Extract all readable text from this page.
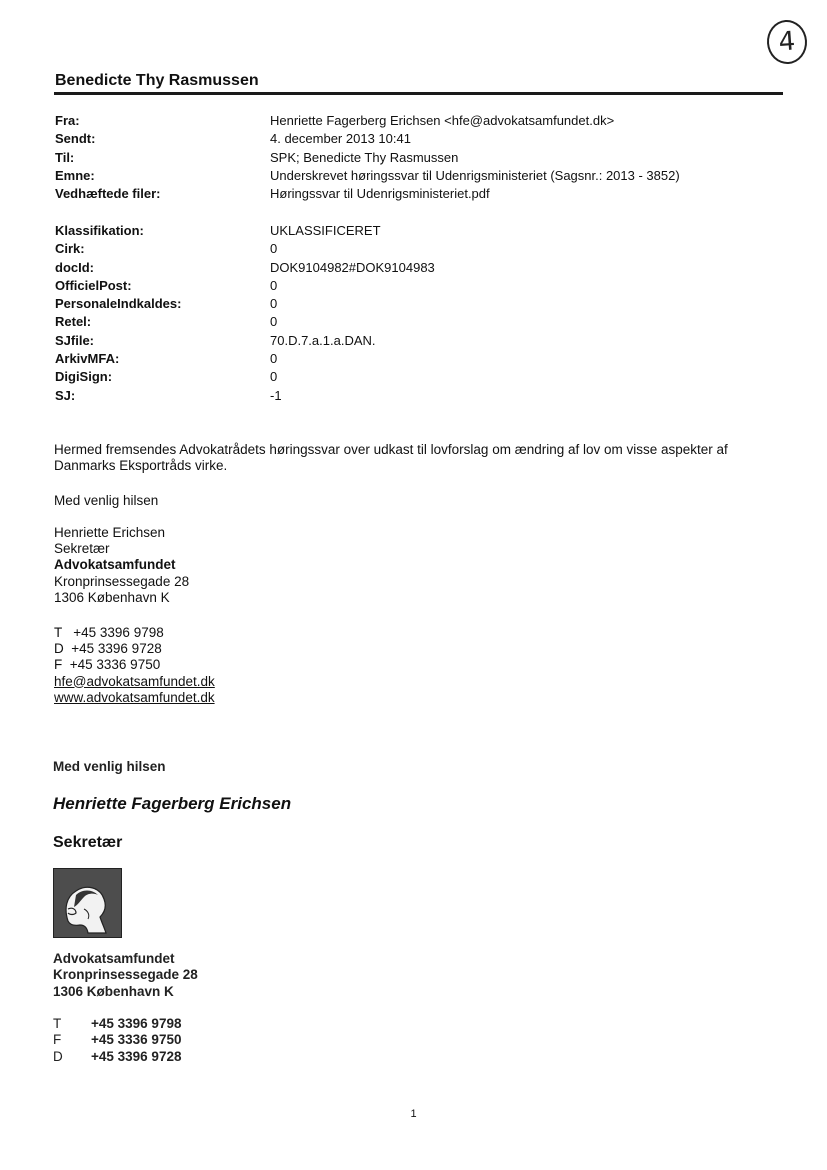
4
Benedicte Thy Rasmussen
Fra:	Henriette Fagerberg Erichsen <hfe@advokatsamfundet.dk>
Sendt:	4. december 2013 10:41
Til:	SPK; Benedicte Thy Rasmussen
Emne:	Underskrevet høringssvar til Udenrigsministeriet (Sagsnr.: 2013 - 3852)
Vedhæftede filer:	Høringssvar til Udenrigsministeriet.pdf
Klassifikation:	UKLASSIFICERET
Cirk:	0
docId:	DOK9104982#DOK9104983
OfficielPost:	0
PersonaleIndkaldes:	0
Retel:	0
SJfile:	70.D.7.a.1.a.DAN.
ArkivMFA:	0
DigiSign:	0
SJ:	-1
Hermed fremsendes Advokatrådets høringssvar over udkast til lovforslag om ændring af lov om visse aspekter af Danmarks Eksportråds virke.
Med venlig hilsen
Henriette Erichsen
Sekretær
Advokatsamfundet
Kronprinsessegade 28
1306 København K
T   +45 3396 9798
D  +45 3396 9728
F  +45 3336 9750
hfe@advokatsamfundet.dk
www.advokatsamfundet.dk
Med venlig hilsen
Henriette Fagerberg Erichsen
Sekretær
Advokatsamfundet
Kronprinsessegade 28
1306 København K
T	+45 3396 9798
F	+45 3336 9750
D	+45 3396 9728
1
